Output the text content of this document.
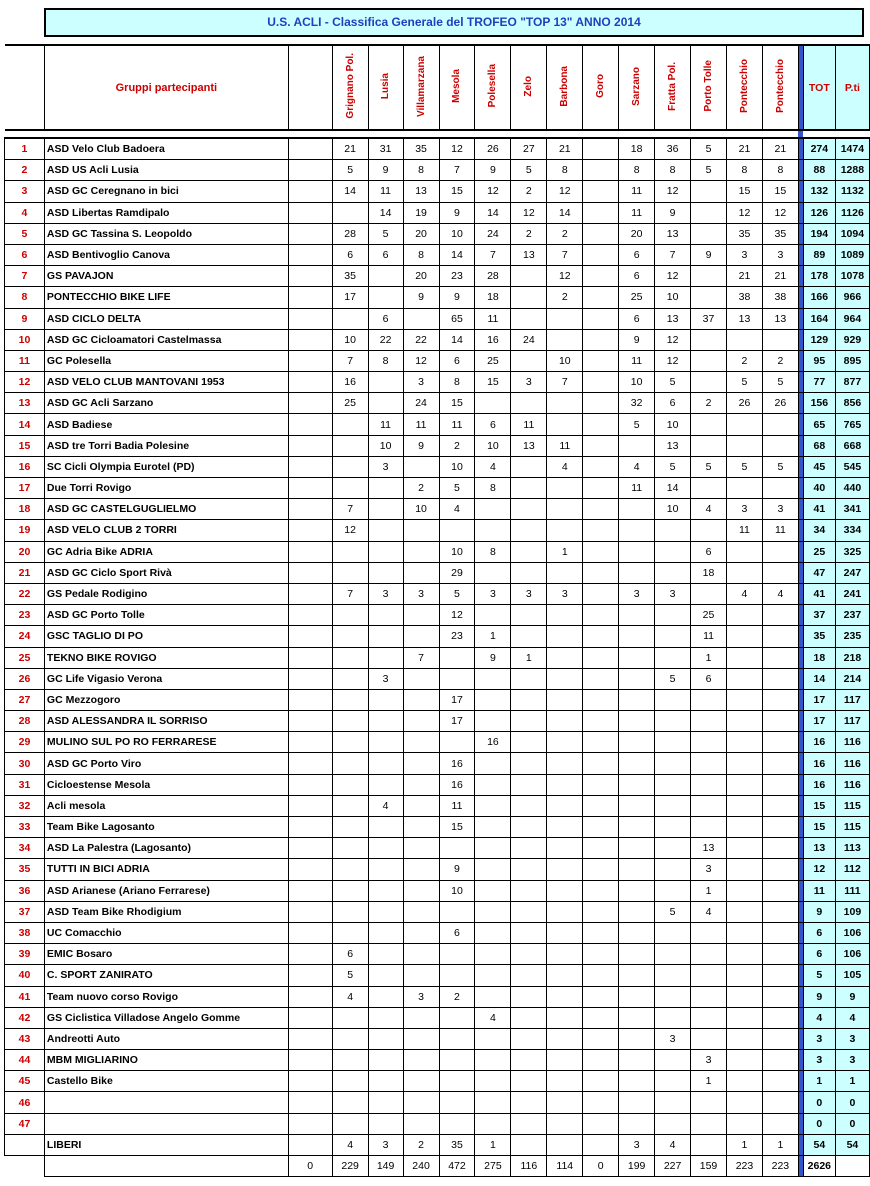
U.S. ACLI - Classifica Generale del TROFEO "TOP 13" ANNO 2014
	Gruppi partecipanti		Grignano Pol.	Lusia	Villamarzana	Mesola	Polesella	Zelo	Barbona	Goro	Sarzano	Fratta Pol.	Porto Tolle	Pontecchio	Pontecchio		TOT	P.ti

1	ASD Velo Club Badoera		21	31	35	12	26	27	21		18	36	5	21	21		274	1474
2	ASD US Acli Lusia		5	9	8	7	9	5	8		8	8	5	8	8		88	1288
3	ASD GC Ceregnano in bici		14	11	13	15	12	2	12		11	12		15	15		132	1132
4	ASD Libertas Ramdipalo			14	19	9	14	12	14		11	9		12	12		126	1126
5	ASD GC Tassina S. Leopoldo		28	5	20	10	24	2	2		20	13		35	35		194	1094
6	ASD Bentivoglio Canova		6	6	8	14	7	13	7		6	7	9	3	3		89	1089
7	GS PAVAJON		35		20	23	28		12		6	12		21	21		178	1078
8	PONTECCHIO BIKE LIFE		17		9	9	18		2		25	10		38	38		166	966
9	ASD CICLO DELTA			6		65	11				6	13	37	13	13		164	964
10	ASD GC Cicloamatori Castelmassa		10	22	22	14	16	24			9	12					129	929
11	GC Polesella		7	8	12	6	25		10		11	12		2	2		95	895
12	ASD VELO CLUB MANTOVANI 1953		16		3	8	15	3	7		10	5		5	5		77	877
13	ASD GC Acli Sarzano		25		24	15					32	6	2	26	26		156	856
14	ASD Badiese			11	11	11	6	11			5	10					65	765
15	ASD tre Torri Badia Polesine			10	9	2	10	13	11			13					68	668
16	SC Cicli Olympia Eurotel (PD)			3		10	4		4		4	5	5	5	5		45	545
17	Due Torri Rovigo				2	5	8				11	14					40	440
18	ASD GC CASTELGUGLIELMO		7		10	4						10	4	3	3		41	341
19	ASD VELO CLUB 2 TORRI		12											11	11		34	334
20	GC Adria Bike ADRIA					10	8		1				6				25	325
21	ASD GC Ciclo Sport Rivà					29							18				47	247
22	GS Pedale Rodigino		7	3	3	5	3	3	3		3	3		4	4		41	241
23	ASD GC Porto Tolle					12							25				37	237
24	GSC TAGLIO DI PO					23	1						11				35	235
25	TEKNO BIKE ROVIGO				7		9	1					1				18	218
26	GC Life Vigasio Verona			3								5	6				14	214
27	GC Mezzogoro					17											17	117
28	ASD ALESSANDRA IL SORRISO					17											17	117
29	MULINO SUL PO RO FERRARESE						16										16	116
30	ASD GC Porto Viro					16											16	116
31	Cicloestense Mesola					16											16	116
32	Acli mesola			4		11											15	115
33	Team Bike Lagosanto					15											15	115
34	ASD La Palestra (Lagosanto)												13				13	113
35	TUTTI IN BICI ADRIA					9							3				12	112
36	ASD Arianese (Ariano Ferrarese)					10							1				11	111
37	ASD Team Bike Rhodigium											5	4				9	109
38	UC Comacchio					6											6	106
39	EMIC Bosaro		6														6	106
40	C. SPORT ZANIRATO		5														5	105
41	Team nuovo corso Rovigo		4		3	2											9	9
42	GS Ciclistica Villadose Angelo Gomme						4										4	4
43	Andreotti Auto											3					3	3
44	MBM MIGLIARINO												3				3	3
45	Castello Bike												1				1	1
46																	0	0
47																	0	0
	LIBERI		4	3	2	35	1				3	4		1	1		54	54
		0	229	149	240	472	275	116	114	0	199	227	159	223	223		2626	
